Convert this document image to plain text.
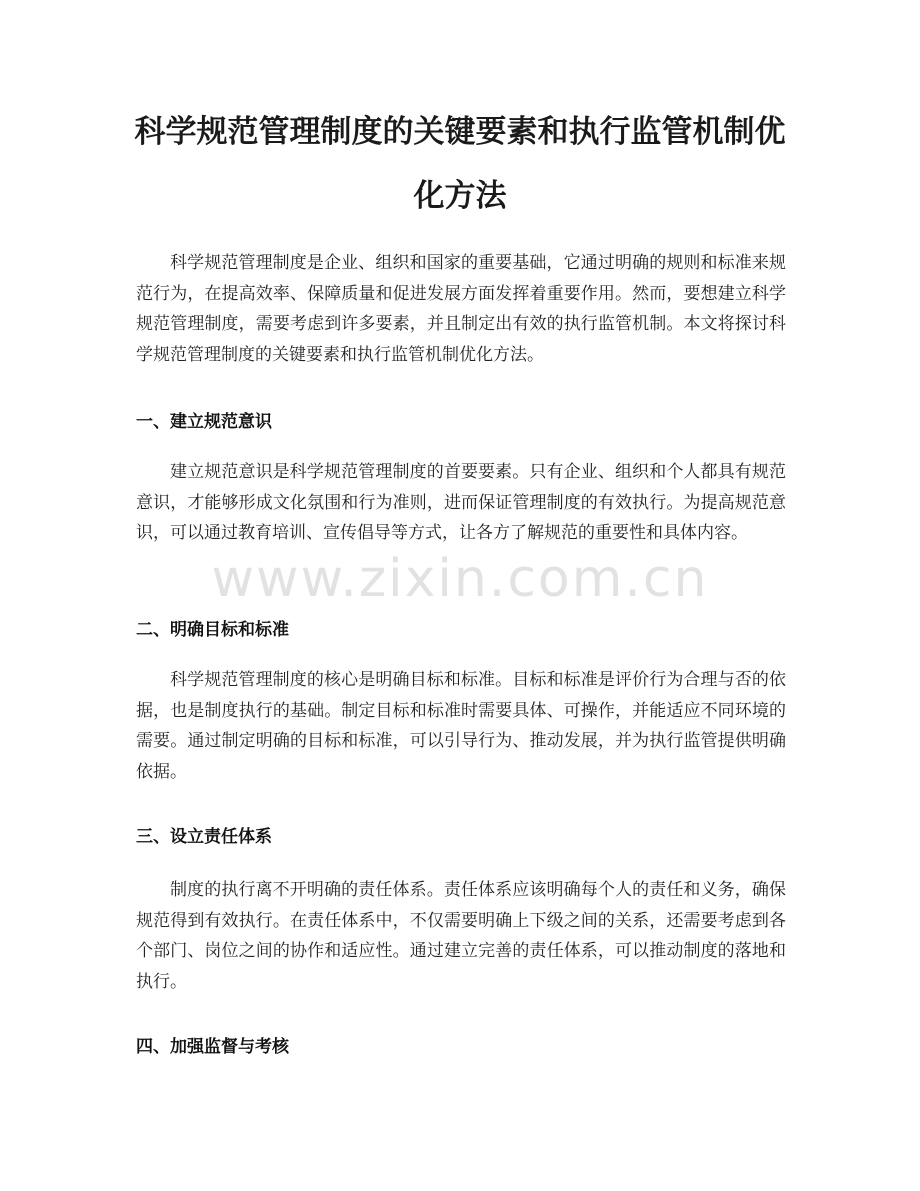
科学规范管理制度的关键要素和执行监管机制优化方法

科学规范管理制度是企业、组织和国家的重要基础，它通过明确的规则和标准来规范行为，在提高效率、保障质量和促进发展方面发挥着重要作用。然而，要想建立科学规范管理制度，需要考虑到许多要素，并且制定出有效的执行监管机制。本文将探讨科学规范管理制度的关键要素和执行监管机制优化方法。

一、建立规范意识

建立规范意识是科学规范管理制度的首要要素。只有企业、组织和个人都具有规范意识，才能够形成文化氛围和行为准则，进而保证管理制度的有效执行。为提高规范意识，可以通过教育培训、宣传倡导等方式，让各方了解规范的重要性和具体内容。

二、明确目标和标准

科学规范管理制度的核心是明确目标和标准。目标和标准是评价行为合理与否的依据，也是制度执行的基础。制定目标和标准时需要具体、可操作，并能适应不同环境的需要。通过制定明确的目标和标准，可以引导行为、推动发展，并为执行监管提供明确依据。

三、设立责任体系

制度的执行离不开明确的责任体系。责任体系应该明确每个人的责任和义务，确保规范得到有效执行。在责任体系中，不仅需要明确上下级之间的关系，还需要考虑到各个部门、岗位之间的协作和适应性。通过建立完善的责任体系，可以推动制度的落地和执行。

四、加强监督与考核
www.zixin.com.cn
